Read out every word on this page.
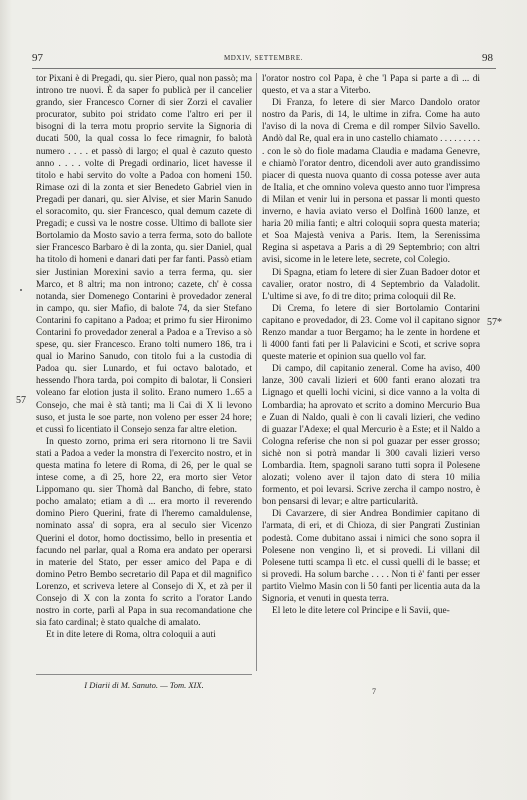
97	MDXIV, SETTEMBRE.	98

tor Pixani è di Pregadi, qu. sier Piero, qual non passò; ma introno tre nuovi. È da saper fo publicà per il cancelier grando, sier Francesco Corner di sier Zorzi el cavalier procurator, subito poi stridato come l'altro eri per il bisogni di la terra motu proprio servite la Signoria di ducati 500, la qual cossa lo fece rimagnir, fo balotà numero . . . . et passò di largo; el qual è cazuto questo anno . . . . volte di Pregadi ordinario, licet havesse il titolo e habi servito do volte a Padoa con homeni 150. Rimase ozi di la zonta et sier Benedeto Gabriel vien in Pregadi per danari, qu. sier Alvise, et sier Marin Sanudo el soracomito, qu. sier Francesco, qual demum cazete di Pregadi; e cussì va le nostre cosse. Ultimo di ballote sier Bortolamio da Mosto savio a terra ferma, soto do ballote sier Francesco Barbaro è di la zonta, qu. sier Daniel, qual ha titolo di homeni e danari dati per far fanti. Passò etiam sier Justinian Morexini savio a terra ferma, qu. sier Marco, et 8 altri; ma non introno; cazete, ch' è cossa notanda, sier Domenego Contarini è provedador zeneral in campo, qu. sier Mafio, di balote 74, da sier Stefano Contarini fo capitano a Padoa; et primo fu sier Hironimo Contarini fo provedador zeneral a Padoa e a Treviso a sò spese, qu. sier Francesco. Erano tolti numero 186, tra i qual io Marino Sanudo, con titolo fui a la custodia di Padoa qu. sier Lunardo, et fui octavo balotado, et hessendo l'hora tarda, poi compito di balotar, li Consieri voleano far elotion justa il solito. Erano numero 1..65 a Consejo, che mai è stà tanti; ma li Cai di X li levono suso, et justa le soe parte, non voleno per esser 24 hore; et cussì fo licentiato il Consejo senza far altre eletion.

In questo zorno, prima eri sera ritornono li tre Savii stati a Padoa a veder la monstra di l'exercito nostro, et in questa matina fo letere di Roma, di 26, per le qual se intese come, a dì 25, hore 22, era morto sier Vetor Lippomano qu. sier Thomà dal Bancho, di febre, stato pocho amalato; etiam a dì ... era morto il reverendo domino Piero Querini, frate di l'heremo camaldulense, nominato assa' di sopra, era al seculo sier Vicenzo Querini el dotor, homo doctissimo, bello in presentia et facundo nel parlar, qual a Roma era andato per operarsi in materie del Stato, per esser amico del Papa e di domino Petro Bembo secretario dil Papa et dil magnifico Lorenzo, et scriveva letere al Consejo di X, et zà per il Consejo di X con la zonta fo scrito a l'orator Lando nostro in corte, parlì al Papa in sua recomandatione che sia fato cardinal; è stato qualche di amalato.

Et in dite letere di Roma, oltra coloquii a auti

l'orator nostro col Papa, è che 'l Papa si parte a dì ... di questo, et va a star a Viterbo.

Di Franza, fo letere di sier Marco Dandolo orator nostro da Paris, di 14, le ultime in zifra. Come ha auto l'aviso di la nova di Crema e dil romper Silvio Savello. Andò dal Re, qual era in uno castello chiamato . . . . . . . . . . con le sò do fiole madama Claudia e madama Genevre, e chiamò l'orator dentro, dicendoli aver auto grandissimo piacer di questa nuova quanto di cossa potesse aver auta de Italia, et che omnino voleva questo anno tuor l'impresa di Milan et venir lui in persona et passar li monti questo inverno, e havia aviato verso el Dolfinà 1600 lanze, et haria 20 milia fanti; e altri coloquii sopra questa materia; et Soa Majestà veniva a Paris. Item, la Serenissima Regina si aspetava a Paris a dì 29 Septembrio; con altri avisi, sicome in le letere lete, secrete, col Colegio.

Di Spagna, etiam fo letere di sier Zuan Badoer dotor et cavalier, orator nostro, di 4 Septembrio da Valadolit. L'ultime si ave, fo di tre dito; prima coloquii dil Re.

Di Crema, fo letere di sier Bortolamio Contarini capitano e provedador, di 23. Come vol il capitano signor Renzo mandar a tuor Bergamo; ha le zente in hordene et li 4000 fanti fati per li Palavicini e Scoti, et scrive sopra queste materie et opinion sua quello vol far.

Di campo, dil capitanio zeneral. Come ha aviso, 400 lanze, 300 cavali lizieri et 600 fanti erano alozati tra Lignago et quelli lochi vicini, si dice vanno a la volta di Lombardia; ha aprovato et scrito a domino Mercurio Bua e Zuan di Naldo, quali è con li cavali lizieri, che vedino di guazar l'Adexe; el qual Mercurio è a Este; et il Naldo a Cologna referise che non si pol guazar per esser grosso; sichè non si potrà mandar li 300 cavali lizieri verso Lombardia. Item, spagnoli sarano tutti sopra il Polesene alozati; voleno aver il tajon dato di stera 10 milia formento, et poi levarsi. Scrive zercha il campo nostro, è bon pensarsi di levar; e altre particularità.

Di Cavarzere, di sier Andrea Bondimier capitano di l'armata, di eri, et di Chioza, di sier Pangrati Zustinian podestà. Come dubitano assai i nimici che sono sopra il Polesene non vengino lì, et si provedi. Li villani dil Polesene tutti scampa lì etc. el cussì quelli di le basse; et si provedi. Ha solum barche . . . . Non ti è' fanti per esser partito Vielmo Masin con li 50 fanti per licentia auta da la Signoria, et venuti in questa terra.

El leto le dite letere col Principe e li Savii, que-

57
57*
I Diarii di M. Sanuto. — Tom. XIX.
7
